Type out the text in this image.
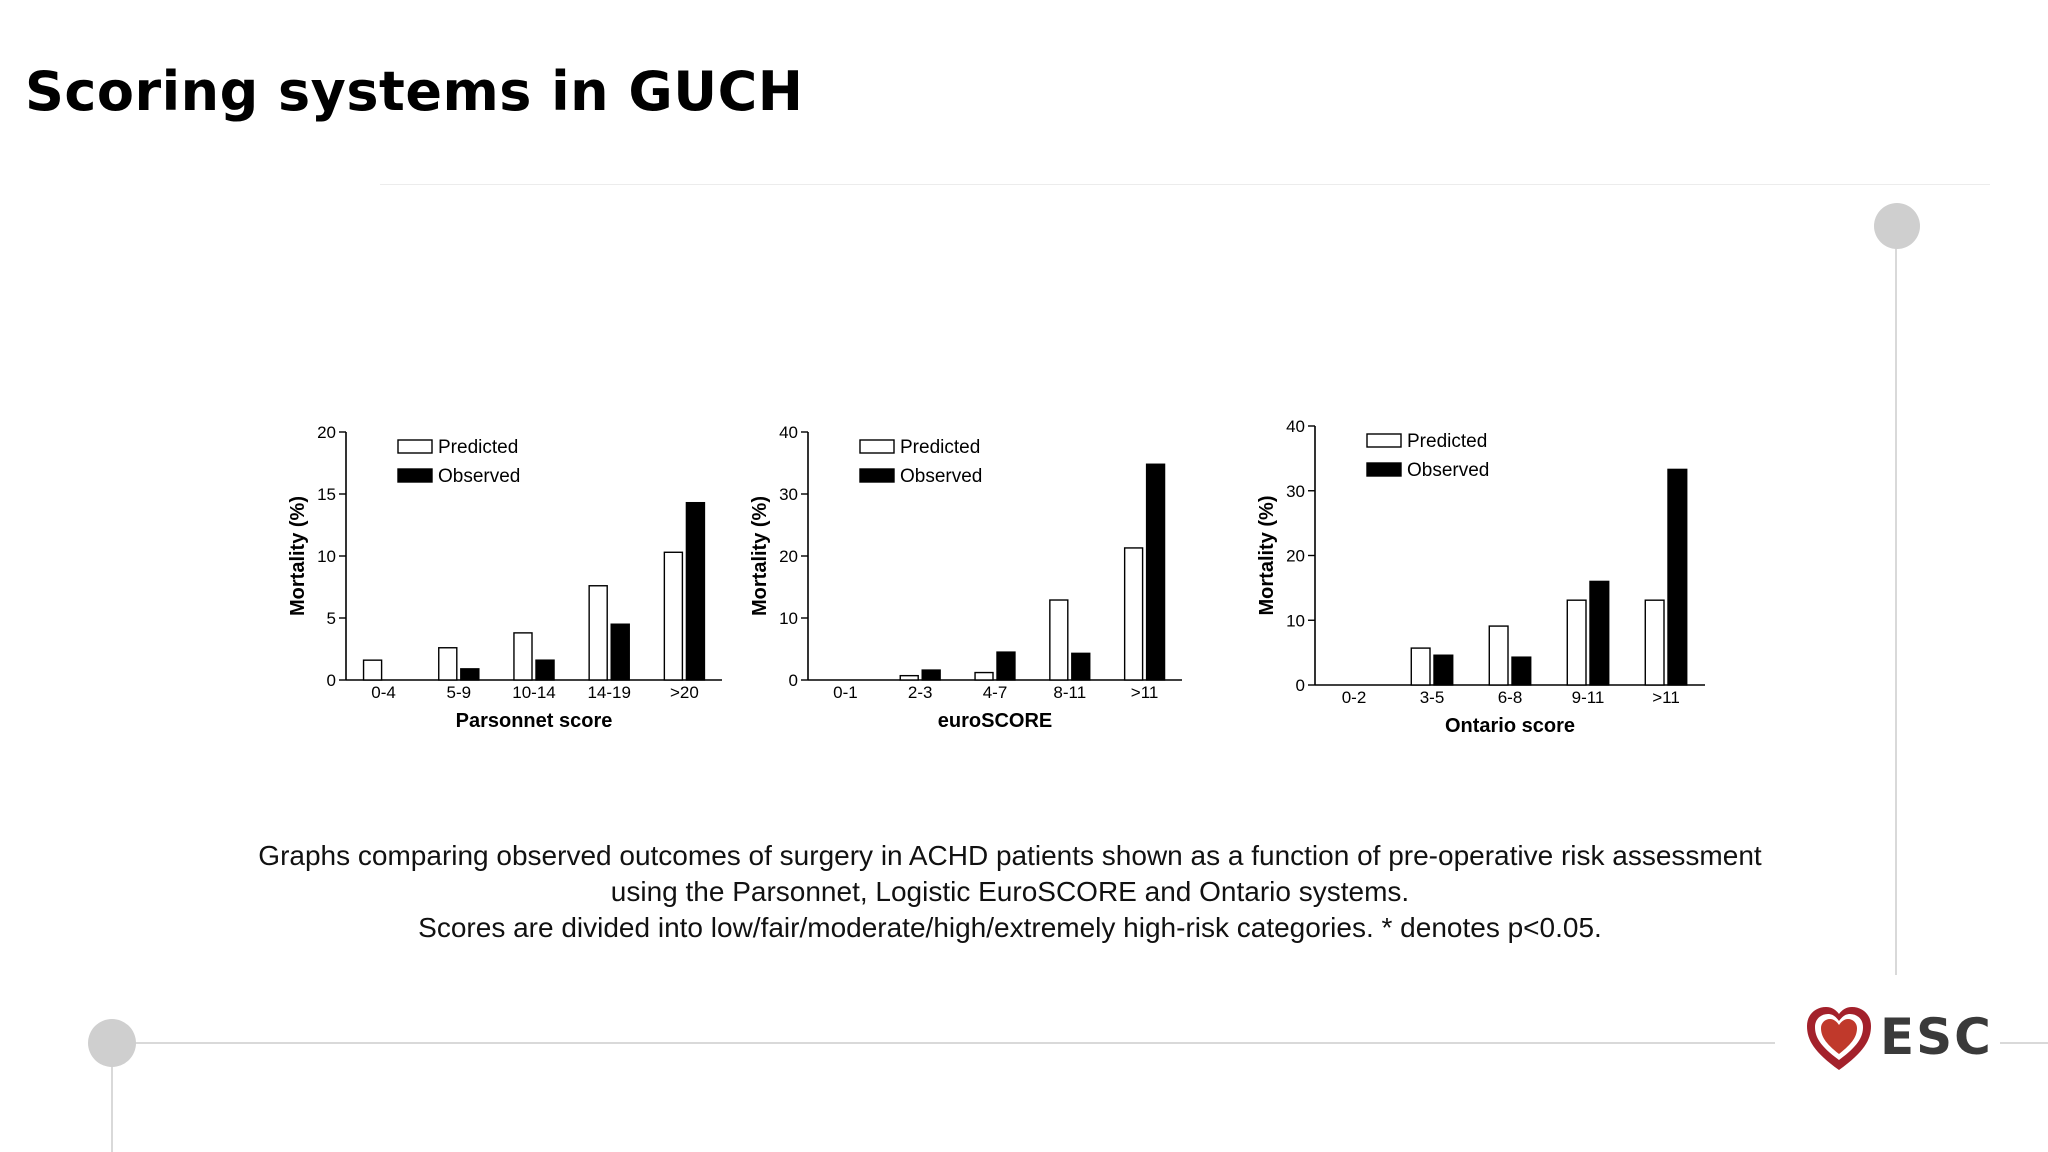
Scoring systems in GUCH
0
5
10
15
20
0-4	5-9 10-14 14-19 >20
Parsonnet score
Mortality (%)
Predicted
Observed
0
10
20
30
40
0-1	2-3	4-7	8-11	>11
euroSCORE
Mortality (%)
Predicted
Observed
0
10
20
30
40
0-2	3-5	6-8	9-11	>11
Ontario score
Mortality (%)
Predicted
Observed

Graphs comparing observed outcomes of surgery in ACHD patients shown as a function of pre-operative risk assessment

using the Parsonnet, Logistic EuroSCORE and Ontario systems.

Scores are divided into low/fair/moderate/high/extremely high-risk categories. * denotes p<0.05.

ESC
